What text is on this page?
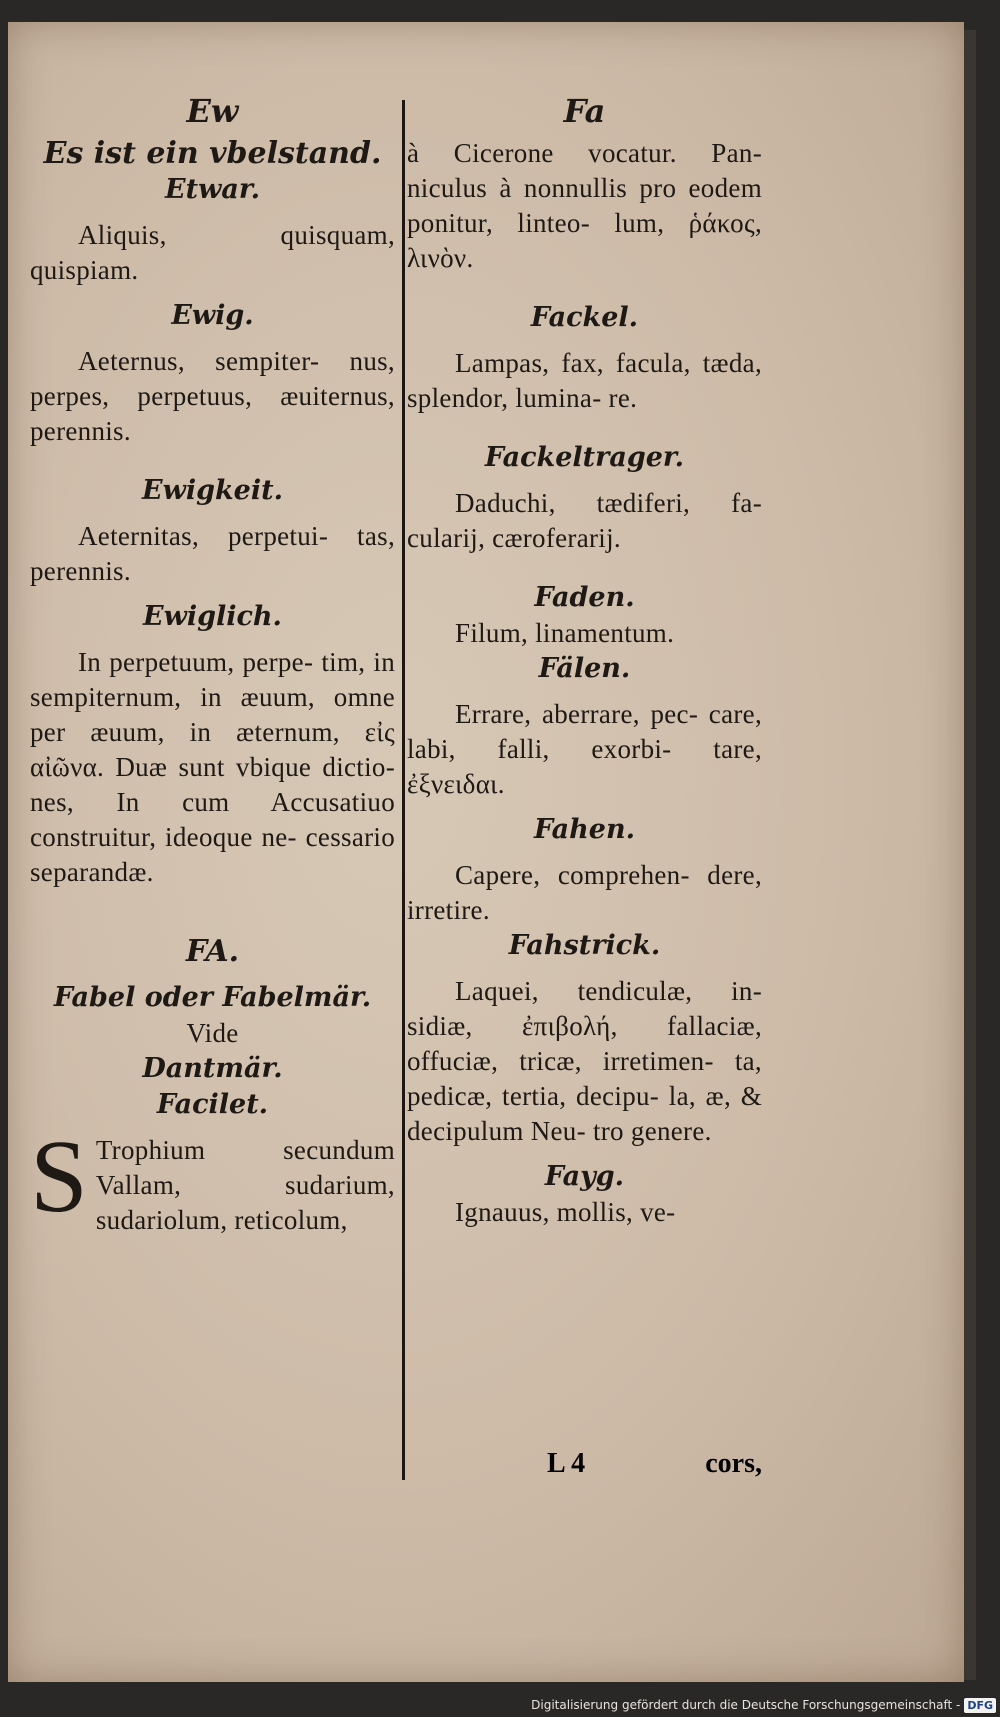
Ew
Es ist ein vbelstand.
Etwar.
Aliquis, quisquam, quispiam.
Ewig.
Aeternus, sempiter- nus, perpes, perpetuus, æuiternus, perennis.
Ewigkeit.
Aeternitas, perpetui- tas, perennis.
Ewiglich.
In perpetuum, perpe- tim, in sempiternum, in æuum, omne per æuum, in æternum, εἰς αἰῶνα. Duæ sunt vbique dictio- nes, In cum Accusatiuo construitur, ideoque ne- cessario separandæ.
FA.
Fabel oder Fabelmär.
Vide
Dantmär.
Facilet.
S Trophium secundum Vallam, sudarium, sudariolum, reticolum,
Fa
à Cicerone vocatur. Pan- niculus à nonnullis pro eodem ponitur, linteo- lum, ῥάκος, λινὸν.
Fackel.
Lampas, fax, facula, tæda, splendor, lumina- re.
Fackeltrager.
Daduchi, tædiferi, fa- cularij, cæroferarij.
Faden.
Filum, linamentum.
Fälen.
Errare, aberrare, pec- care, labi, falli, exorbi- tare, ἐξνειδαι.
Fahen.
Capere, comprehen- dere, irretire.
Fahstrick.
Laquei, tendiculæ, in- sidiæ, ἐπιβολή, fallaciæ, offuciæ, tricæ, irretimen- ta, pedicæ, tertia, decipu- la, æ, & decipulum Neu- tro genere.
Fayg.
Ignauus, mollis, ve-
L 4	cors,
Digitalisierung gefördert durch die Deutsche Forschungsgemeinschaft - DFG
